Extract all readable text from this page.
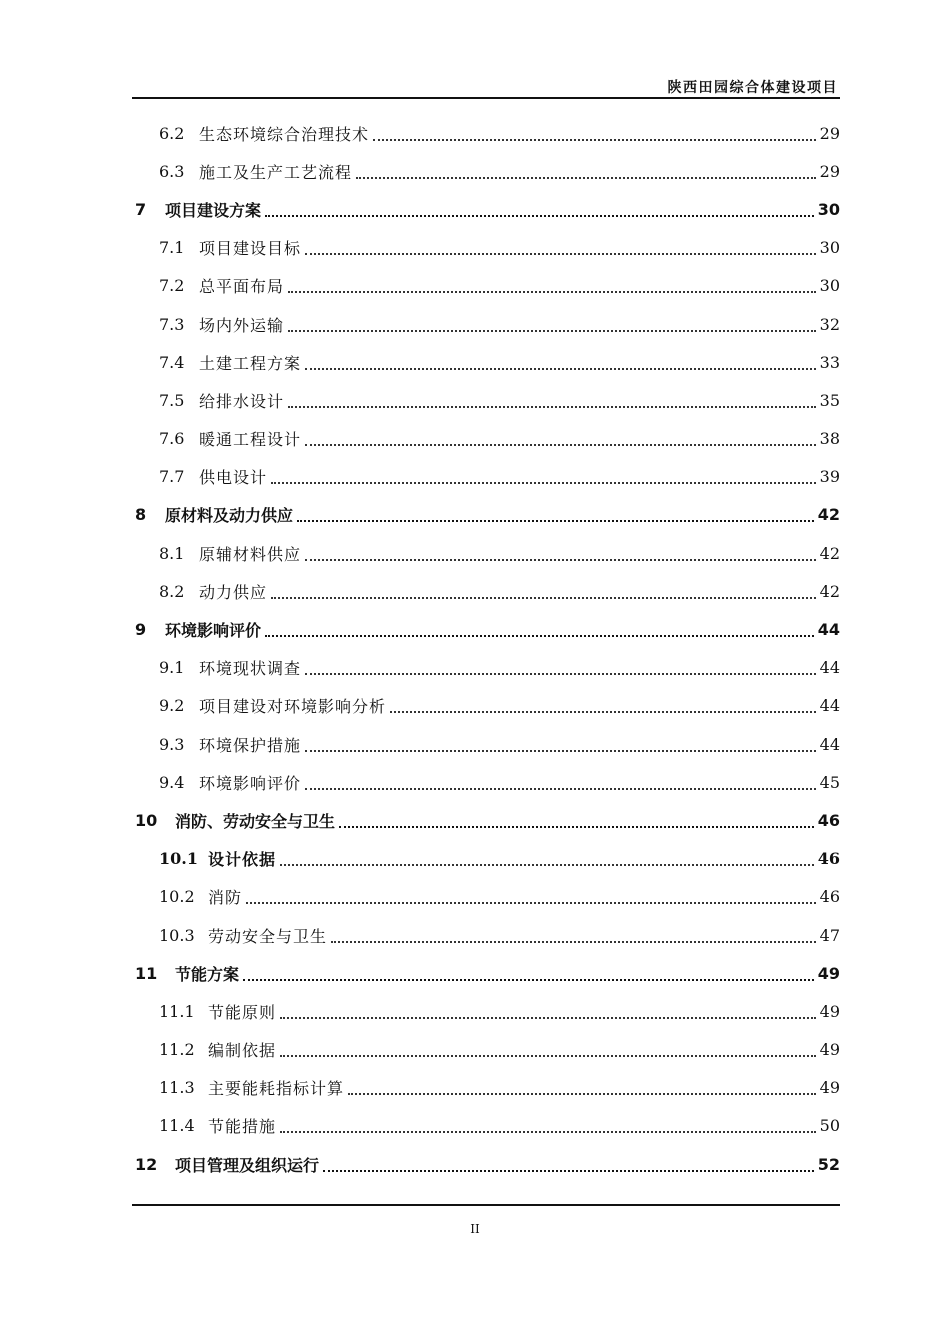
陕西田园综合体建设项目
6.2 生态环境综合治理技术	29
6.3 施工及生产工艺流程	29
7	项目建设方案	30
7.1 项目建设目标	30
7.2 总平面布局	30
7.3 场内外运输	32
7.4 土建工程方案	33
7.5 给排水设计	35
7.6 暖通工程设计	38
7.7 供电设计	39
8	原材料及动力供应	42
8.1 原辅材料供应	42
8.2 动力供应	42
9	环境影响评价	44
9.1 环境现状调查	44
9.2 项目建设对环境影响分析	44
9.3 环境保护措施	44
9.4 环境影响评价	45
10	消防、劳动安全与卫生	46
10.1 设计依据	46
10.2 消防	46
10.3 劳动安全与卫生	47
11	节能方案	49
11.1 节能原则	49
11.2 编制依据	49
11.3 主要能耗指标计算	49
11.4 节能措施	50
12	项目管理及组织运行	52
II
